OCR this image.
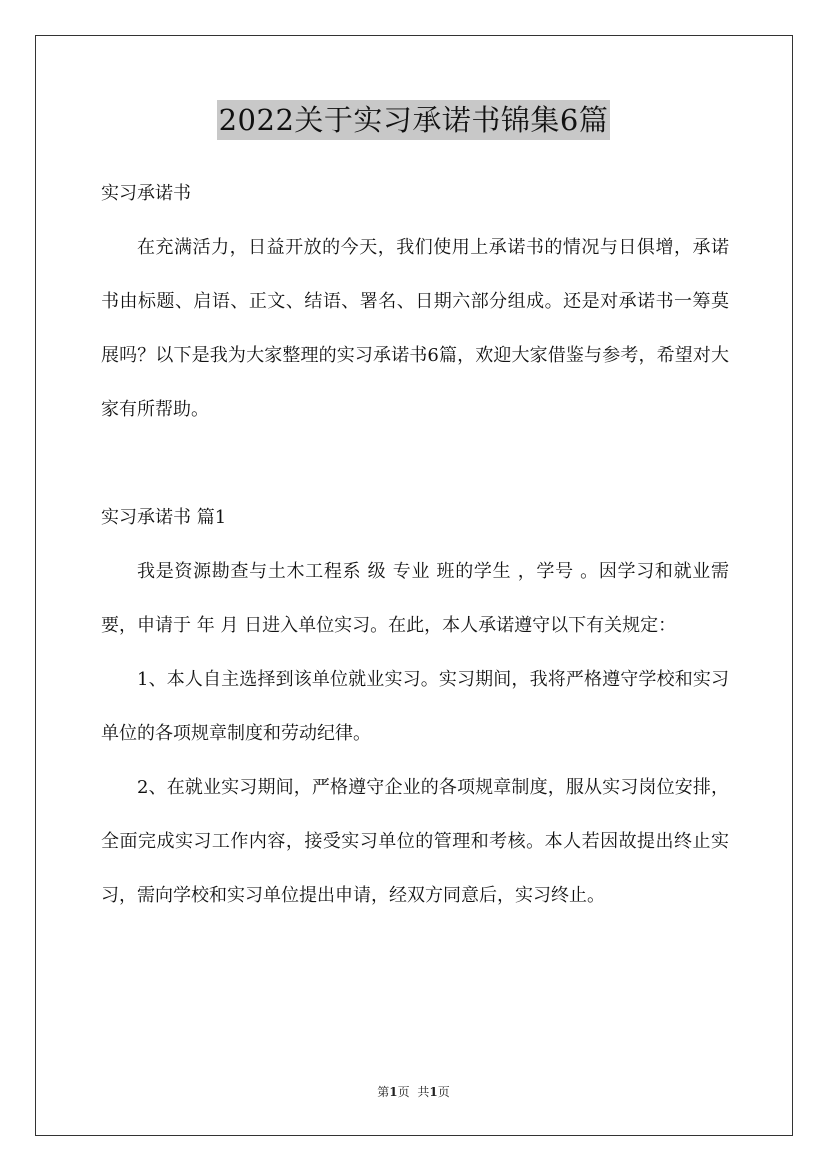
2022关于实习承诺书锦集6篇

实习承诺书

在充满活力，日益开放的今天，我们使用上承诺书的情况与日俱增，承诺书由标题、启语、正文、结语、署名、日期六部分组成。还是对承诺书一筹莫展吗？以下是我为大家整理的实习承诺书6篇，欢迎大家借鉴与参考，希望对大家有所帮助。

实习承诺书 篇1

我是资源勘查与土木工程系 级 专业 班的学生 ，学号 。因学习和就业需要，申请于 年 月 日进入单位实习。在此，本人承诺遵守以下有关规定：

1、本人自主选择到该单位就业实习。实习期间，我将严格遵守学校和实习单位的各项规章制度和劳动纪律。

2、在就业实习期间，严格遵守企业的各项规章制度，服从实习岗位安排，全面完成实习工作内容，接受实习单位的管理和考核。本人若因故提出终止实习，需向学校和实习单位提出申请，经双方同意后，实习终止。

第1页 共1页
